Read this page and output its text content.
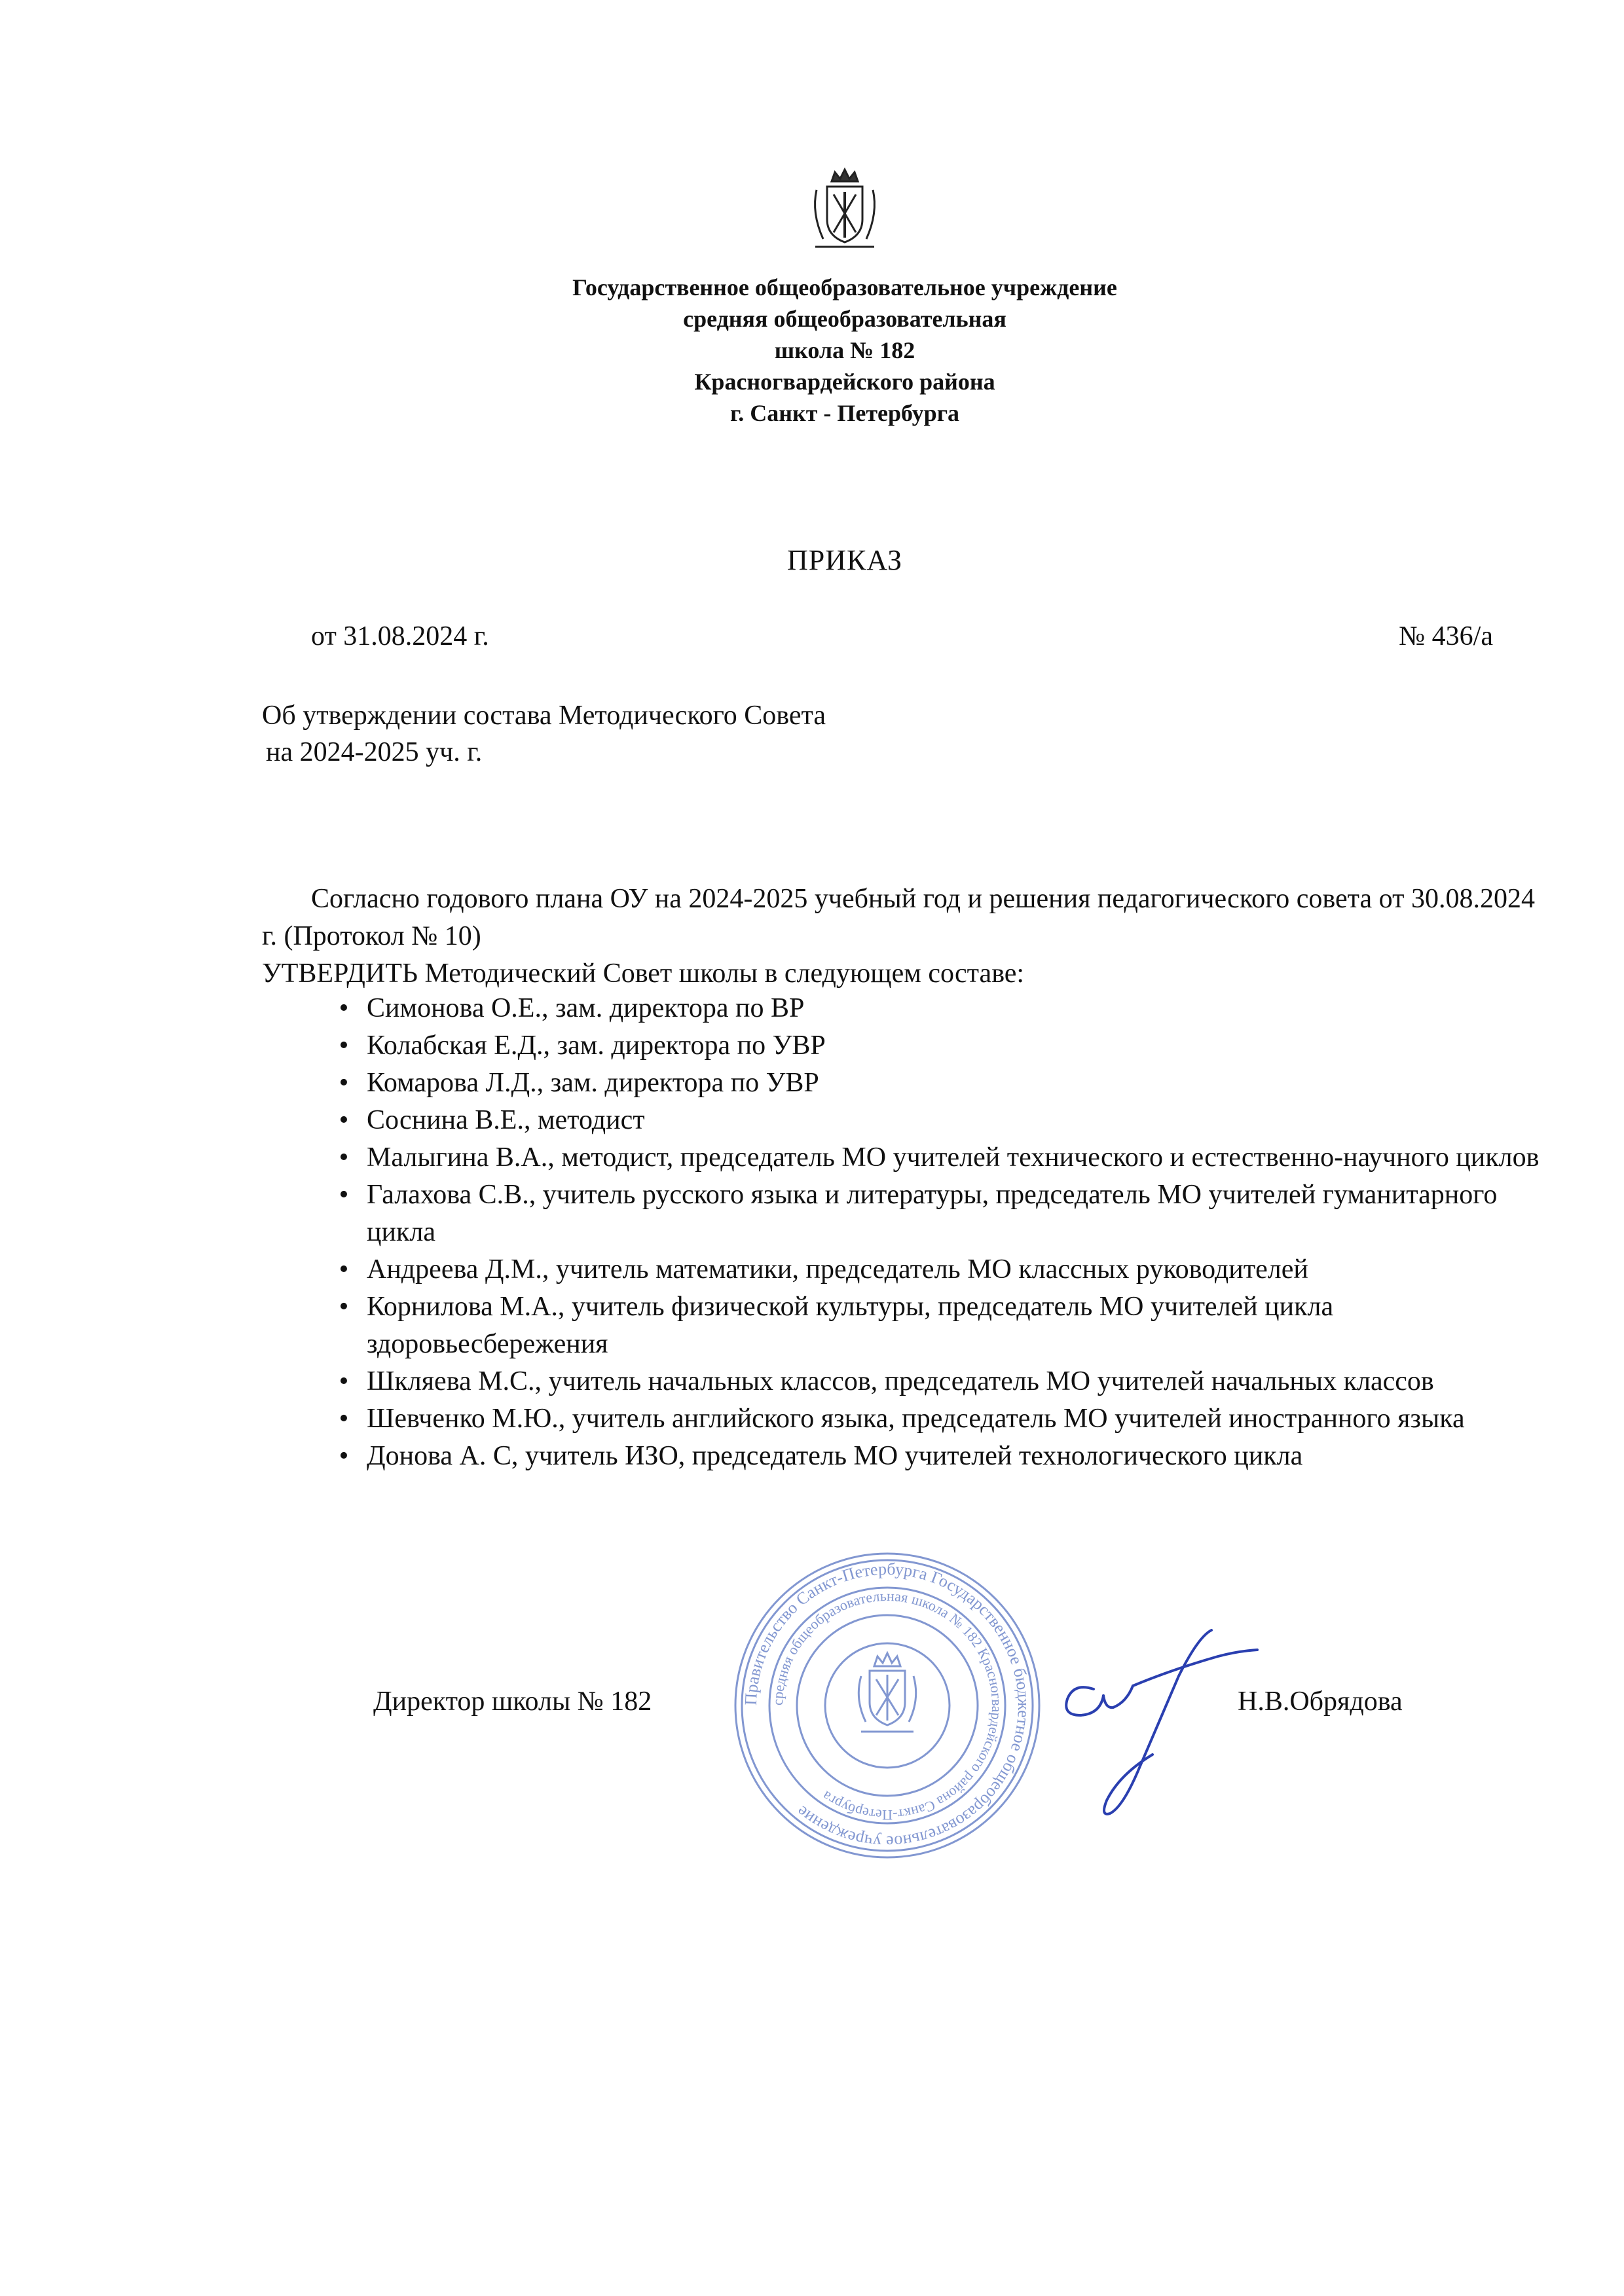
Государственное общеобразовательное учреждение
средняя общеобразовательная
школа № 182
Красногвардейского района
г. Санкт - Петербурга
ПРИКАЗ
от 31.08.2024 г.	№ 436/а
Об утверждении состава Методического Совета
на 2024-2025 уч. г.
Согласно годового плана ОУ на 2024-2025 учебный год и решения педагогического совета от 30.08.2024 г. (Протокол № 10)
УТВЕРДИТЬ Методический Совет школы в следующем составе:
• Симонова О.Е., зам. директора по ВР
• Колабская Е.Д., зам. директора по УВР
• Комарова Л.Д., зам. директора по УВР
• Соснина В.Е., методист
• Малыгина В.А., методист, председатель МО учителей технического и естественно-научного циклов
• Галахова С.В., учитель русского языка и литературы, председатель МО учителей гуманитарного цикла
• Андреева Д.М., учитель математики, председатель МО классных руководителей
• Корнилова М.А., учитель физической культуры, председатель МО учителей цикла здоровьесбережения
• Шкляева М.С., учитель начальных классов, председатель МО учителей начальных классов
• Шевченко М.Ю., учитель английского языка, председатель МО учителей иностранного языка
• Донова А. С, учитель ИЗО, председатель МО учителей технологического цикла
Правительство Санкт-Петербурга Государственное бюджетное общеобразовательное учреждение
средняя общеобразовательная школа № 182 Красногвардейского района Санкт-Петербурга
Директор школы № 182	Н.В.Обрядова
